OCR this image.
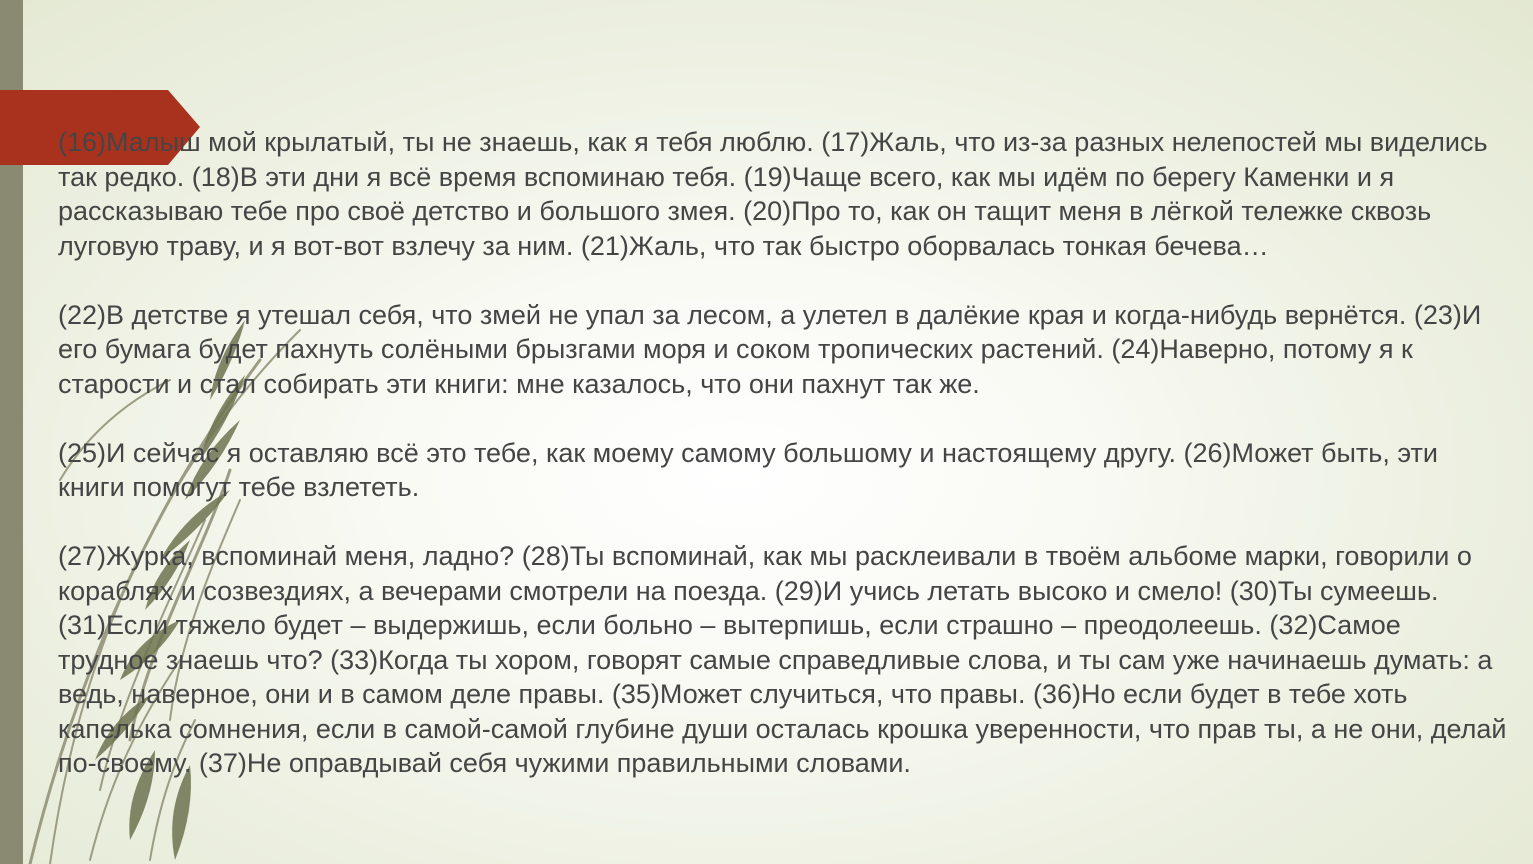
(16)Малыш мой крылатый, ты не знаешь, как я тебя люблю. (17)Жаль, что из-за разных нелепостей мы виделись так редко. (18)В эти дни я всё время вспоминаю тебя. (19)Чаще всего, как мы идём по берегу Каменки и я рассказываю тебе про своё детство и большого змея. (20)Про то, как он тащит меня в лёгкой тележке сквозь луговую траву, и я вот-вот взлечу за ним. (21)Жаль, что так быстро оборвалась тонкая бечева…

(22)В детстве я утешал себя, что змей не упал за лесом, а улетел в далёкие края и когда-нибудь вернётся. (23)И его бумага будет пахнуть солёными брызгами моря и соком тропических растений. (24)Наверно, потому я к старости и стал собирать эти книги: мне казалось, что они пахнут так же.

(25)И сейчас я оставляю всё это тебе, как моему самому большому и настоящему другу. (26)Может быть, эти книги помогут тебе взлететь.

(27)Журка, вспоминай меня, ладно? (28)Ты вспоминай, как мы расклеивали в твоём альбоме марки, говорили о кораблях и созвездиях, а вечерами смотрели на поезда. (29)И учись летать высоко и смело! (30)Ты сумеешь. (31)Если тяжело будет – выдержишь, если больно – вытерпишь, если страшно – преодолеешь. (32)Самое трудное знаешь что? (33)Когда ты хором, говорят самые справедливые слова, и ты сам уже начинаешь думать: а ведь, наверное, они и в самом деле правы. (35)Может случиться, что правы. (36)Но если будет в тебе хоть капелька сомнения, если в самой-самой глубине души осталась крошка уверенности, что прав ты, а не они, делай по-своему. (37)Не оправдывай себя чужими правильными словами.
